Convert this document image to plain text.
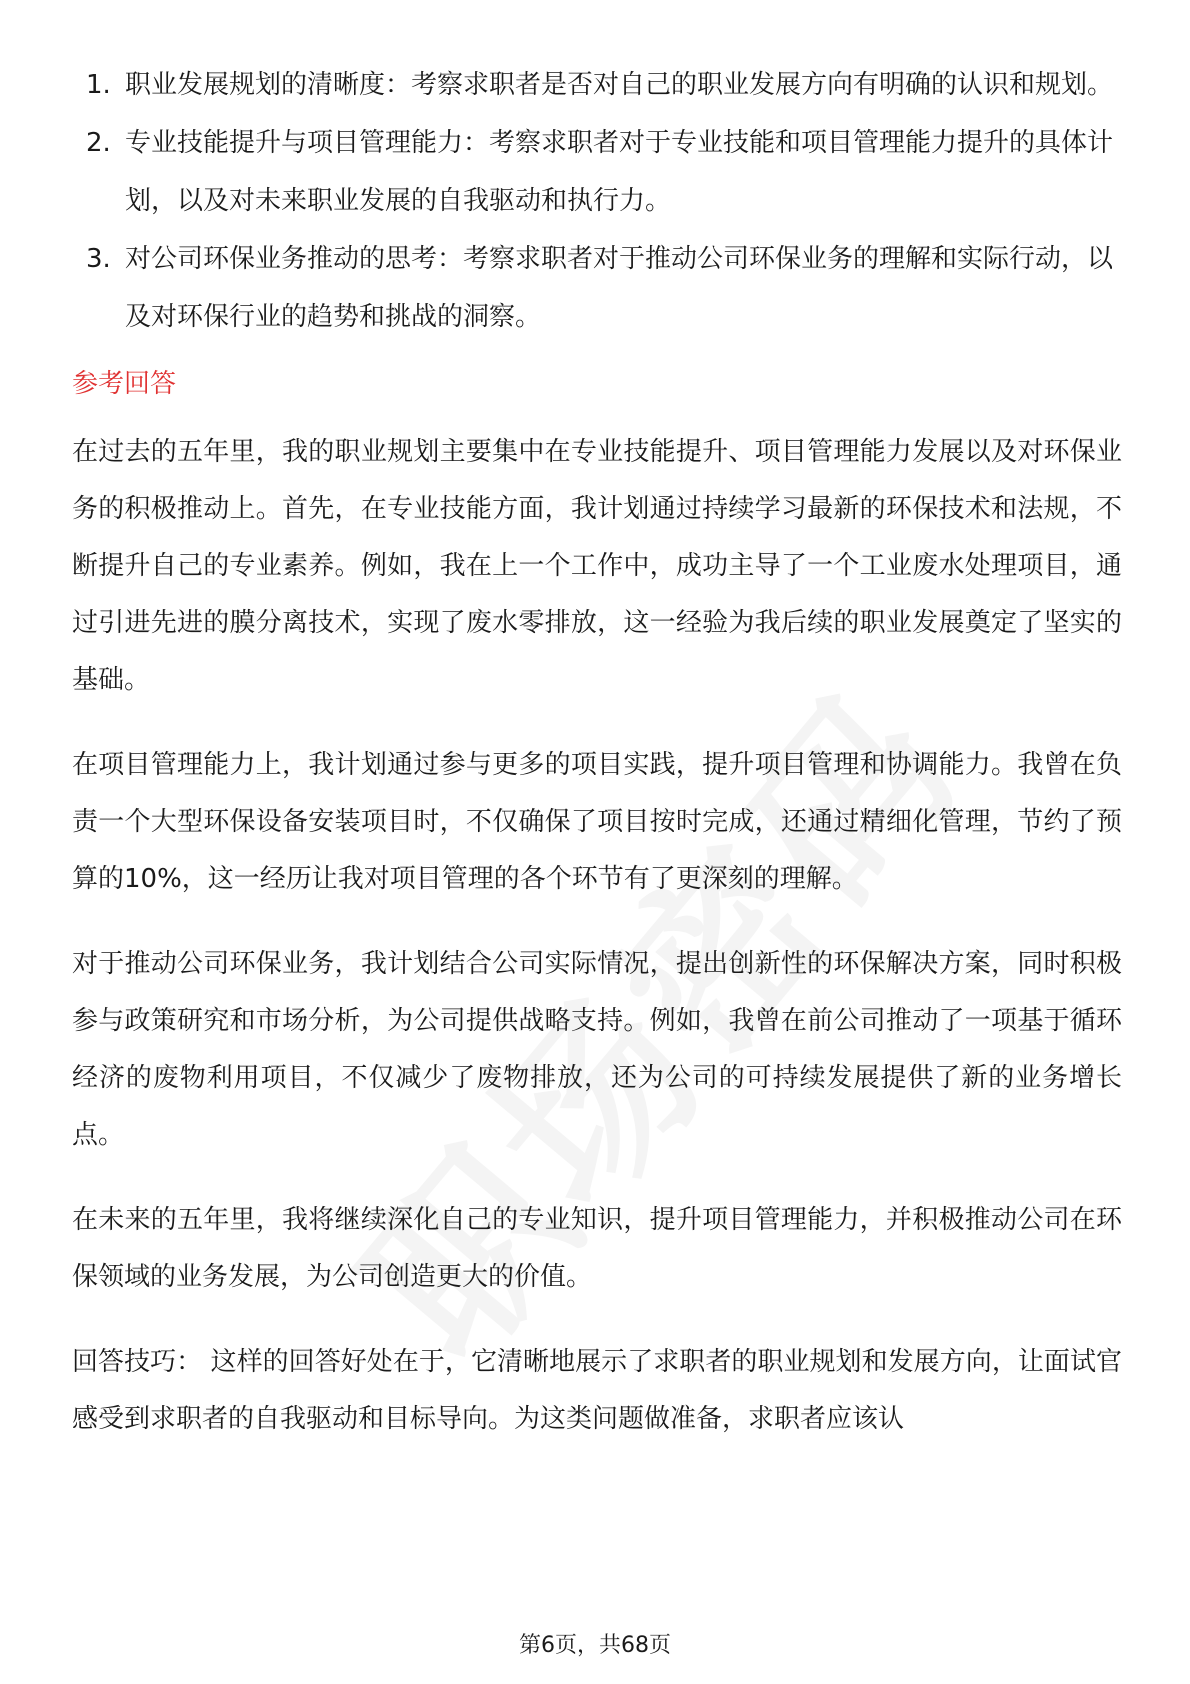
1. 职业发展规划的清晰度：考察求职者是否对自己的职业发展方向有明确的认识和规划。
2. 专业技能提升与项目管理能力：考察求职者对于专业技能和项目管理能力提升的具体计划，以及对未来职业发展的自我驱动和执行力。
3. 对公司环保业务推动的思考：考察求职者对于推动公司环保业务的理解和实际行动，以及对环保行业的趋势和挑战的洞察。
参考回答

在过去的五年里，我的职业规划主要集中在专业技能提升、项目管理能力发展以及对环保业务的积极推动上。首先，在专业技能方面，我计划通过持续学习最新的环保技术和法规，不断提升自己的专业素养。例如，我在上一个工作中，成功主导了一个工业废水处理项目，通过引进先进的膜分离技术，实现了废水零排放，这一经验为我后续的职业发展奠定了坚实的基础。

在项目管理能力上，我计划通过参与更多的项目实践，提升项目管理和协调能力。我曾在负责一个大型环保设备安装项目时，不仅确保了项目按时完成，还通过精细化管理，节约了预算的10%，这一经历让我对项目管理的各个环节有了更深刻的理解。

对于推动公司环保业务，我计划结合公司实际情况，提出创新性的环保解决方案，同时积极参与政策研究和市场分析，为公司提供战略支持。例如，我曾在前公司推动了一项基于循环经济的废物利用项目，不仅减少了废物排放，还为公司的可持续发展提供了新的业务增长点。

在未来的五年里，我将继续深化自己的专业知识，提升项目管理能力，并积极推动公司在环保领域的业务发展，为公司创造更大的价值。

回答技巧： 这样的回答好处在于，它清晰地展示了求职者的职业规划和发展方向，让面试官感受到求职者的自我驱动和目标导向。为这类问题做准备，求职者应该认

第6页，共68页
